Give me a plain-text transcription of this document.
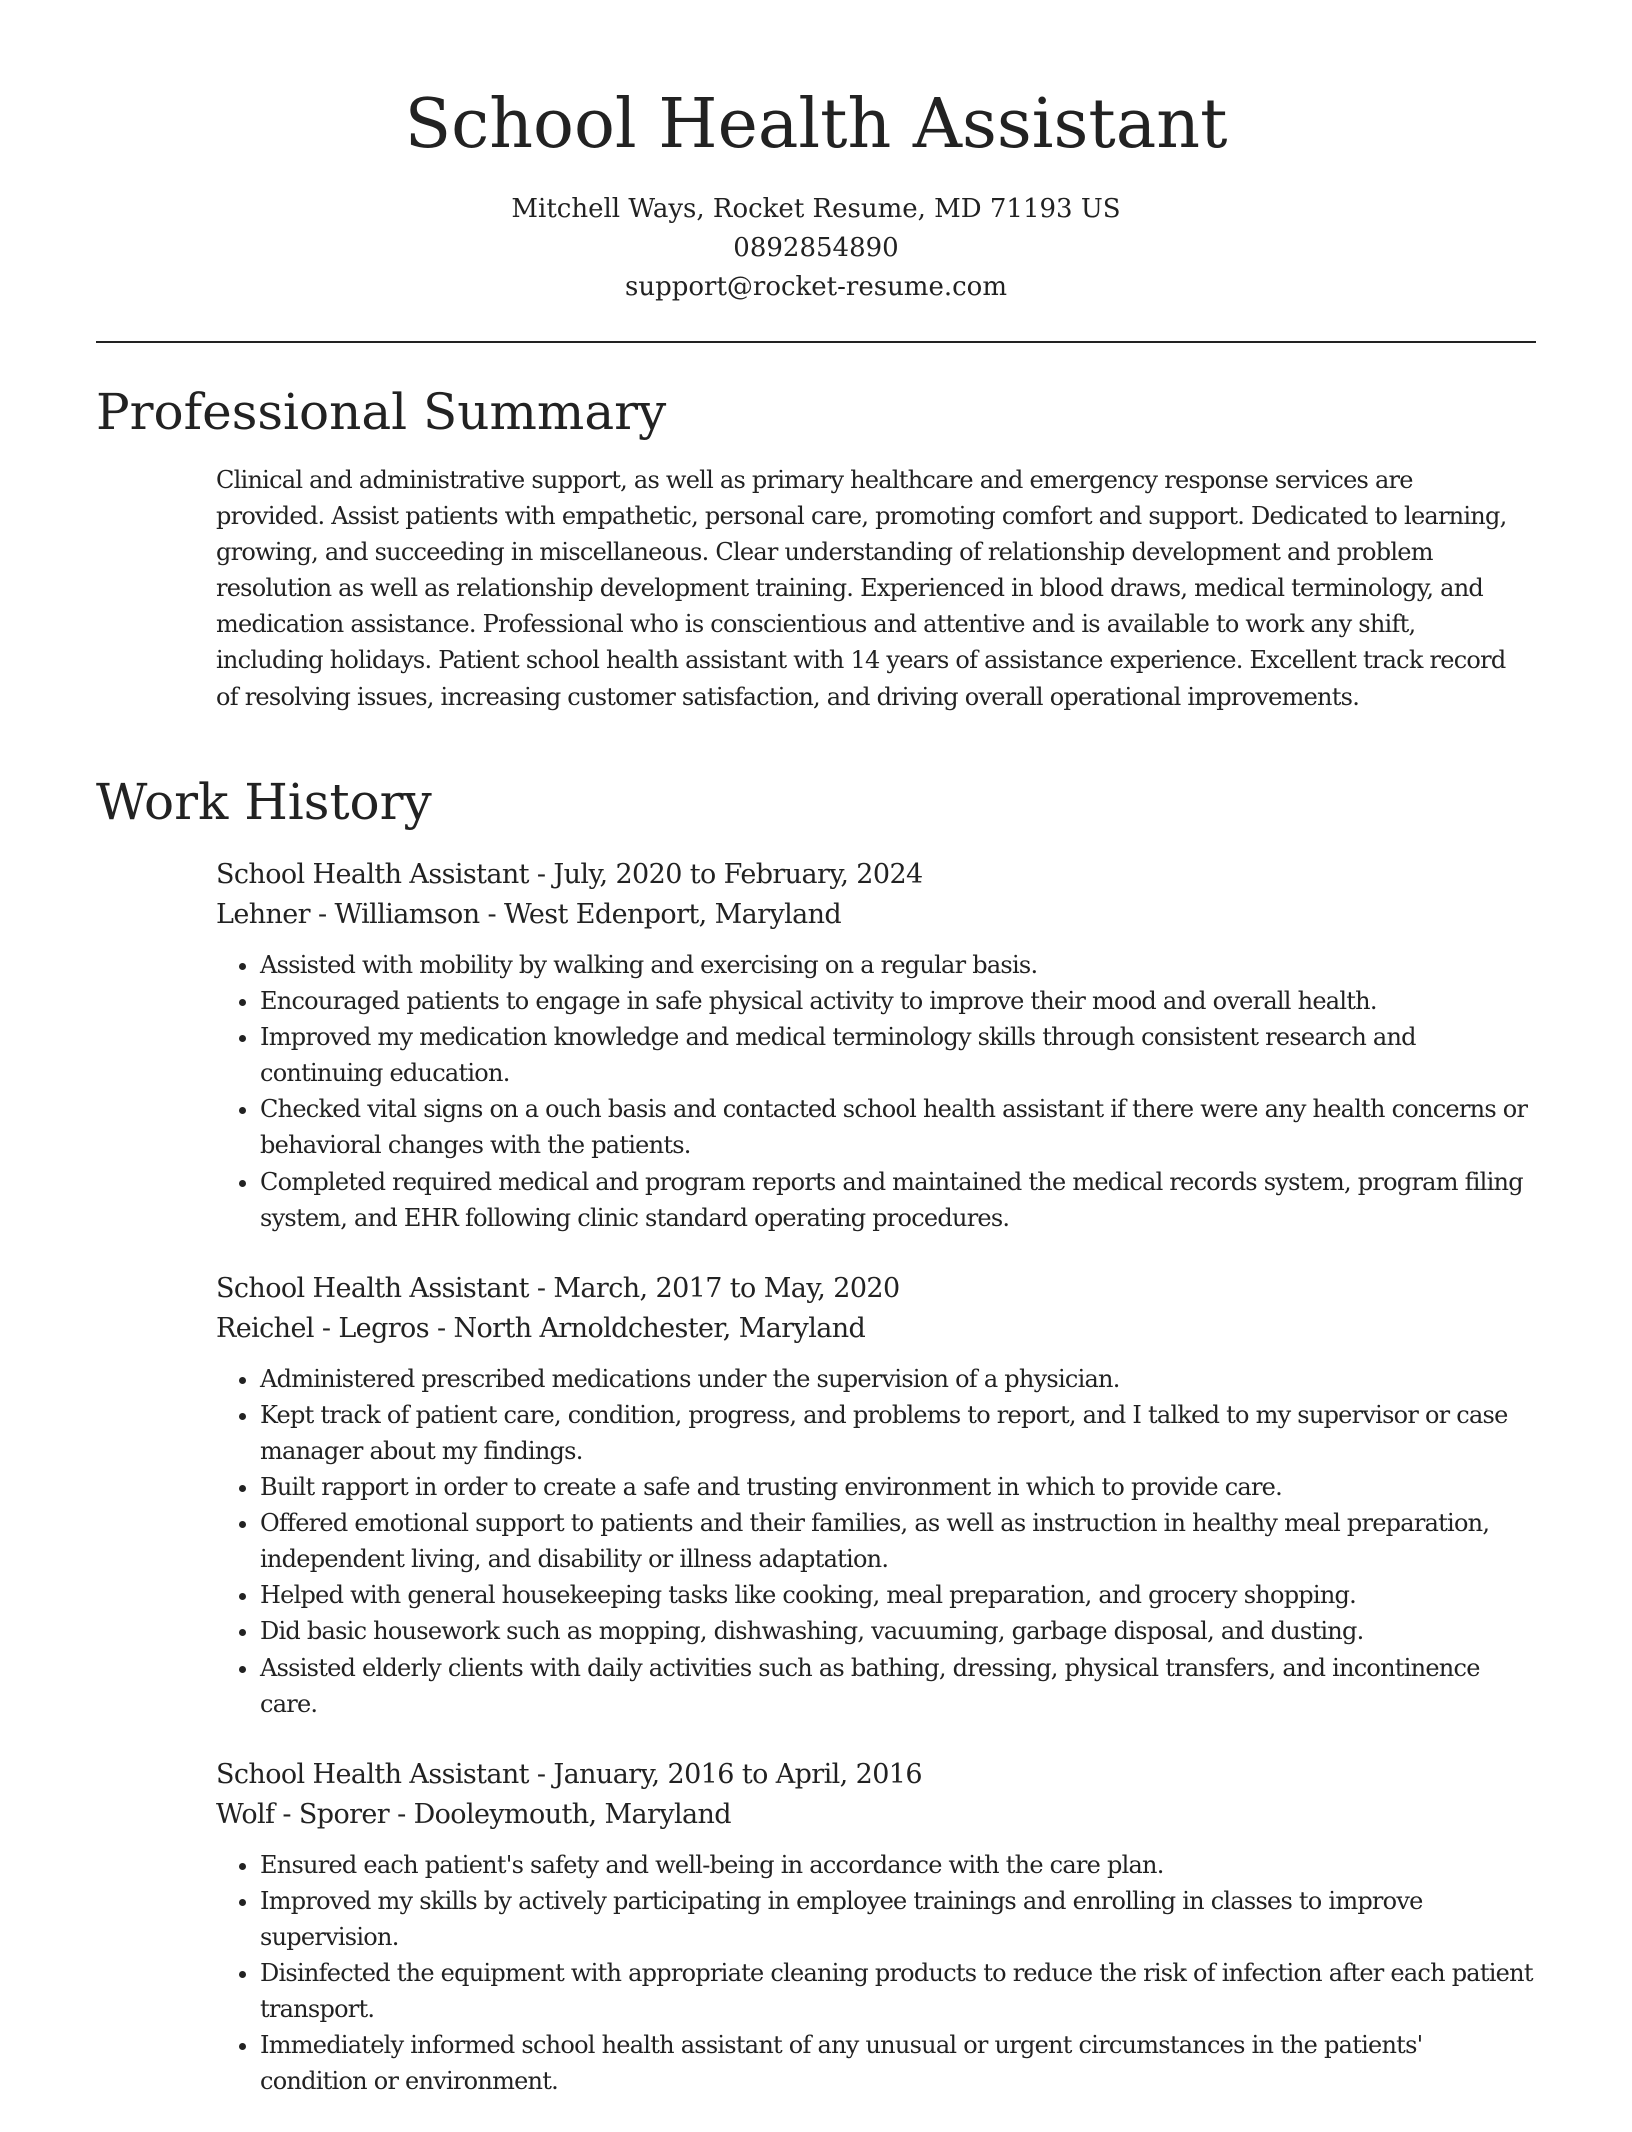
School Health Assistant
Mitchell Ways, Rocket Resume, MD 71193 US
0892854890
support@rocket-resume.com
Professional Summary

Clinical and administrative support, as well as primary healthcare and emergency response services are provided. Assist patients with empathetic, personal care, promoting comfort and support. Dedicated to learning, growing, and succeeding in miscellaneous. Clear understanding of relationship development and problem resolution as well as relationship development training. Experienced in blood draws, medical terminology, and medication assistance. Professional who is conscientious and attentive and is available to work any shift, including holidays. Patient school health assistant with 14 years of assistance experience. Excellent track record of resolving issues, increasing customer satisfaction, and driving overall operational improvements.

Work History
School Health Assistant - July, 2020 to February, 2024
Lehner - Williamson - West Edenport, Maryland
• Assisted with mobility by walking and exercising on a regular basis.
• Encouraged patients to engage in safe physical activity to improve their mood and overall health.
• Improved my medication knowledge and medical terminology skills through consistent research and continuing education.
• Checked vital signs on a ouch basis and contacted school health assistant if there were any health concerns or behavioral changes with the patients.
• Completed required medical and program reports and maintained the medical records system, program filing system, and EHR following clinic standard operating procedures.
School Health Assistant - March, 2017 to May, 2020
Reichel - Legros - North Arnoldchester, Maryland
• Administered prescribed medications under the supervision of a physician.
• Kept track of patient care, condition, progress, and problems to report, and I talked to my supervisor or case manager about my findings.
• Built rapport in order to create a safe and trusting environment in which to provide care.
• Offered emotional support to patients and their families, as well as instruction in healthy meal preparation, independent living, and disability or illness adaptation.
• Helped with general housekeeping tasks like cooking, meal preparation, and grocery shopping.
• Did basic housework such as mopping, dishwashing, vacuuming, garbage disposal, and dusting.
• Assisted elderly clients with daily activities such as bathing, dressing, physical transfers, and incontinence care.
School Health Assistant - January, 2016 to April, 2016
Wolf - Sporer - Dooleymouth, Maryland
• Ensured each patient's safety and well-being in accordance with the care plan.
• Improved my skills by actively participating in employee trainings and enrolling in classes to improve supervision.
• Disinfected the equipment with appropriate cleaning products to reduce the risk of infection after each patient transport.
• Immediately informed school health assistant of any unusual or urgent circumstances in the patients' condition or environment.
